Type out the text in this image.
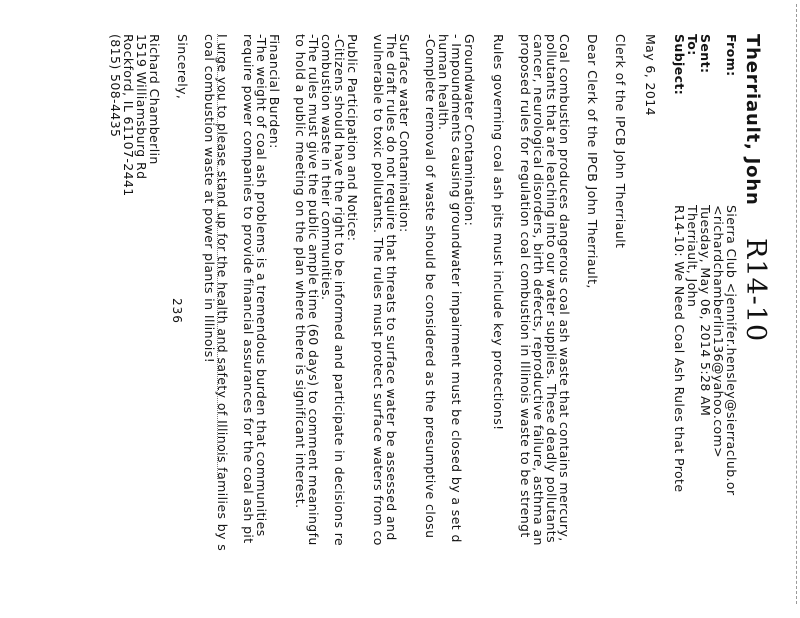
R14-10
Therriault, John
From:
Sierra Club <jennifer.hensley@sierraclub.or
<richardchamberlin136@yahoo.com>
Sent:
Tuesday, May 06, 2014 5:28 AM
To:
Therriault, John
Subject:
R14-10: We Need Coal Ash Rules that Prote
May 6, 2014
Clerk of the IPCB John Therriault
Dear Clerk of the IPCB John Therriault,
Coal combustion produces dangerous coal ash waste that contains mercury,
pollutants that are leaching into our water supplies. These deadly pollutants
cancer, neurological disorders, birth defects, reproductive failure, asthma an
proposed rules for regulation coal combustion in Illinois waste to be strengt
Rules governing coal ash pits must include key protections!
Groundwater Contamination:
- Impoundments causing groundwater impairment must be closed by a set d
human health.
-Complete removal of waste should be considered as the presumptive closu
Surface water Contamination:
The draft rules do not require that threats to surface water be assessed and
vulnerable to toxic pollutants. The rules must protect surface waters from co
Public Participation and Notice:
-Citizens should have the right to be informed and participate in decisions re
combustion waste in their communities.
-The rules must give the public ample time (60 days) to comment meaningfu
to hold a public meeting on the plan where there is significant interest.
Financial Burden:
-The weight of coal ash problems is a tremendous burden that communities
require power companies to provide financial assurances for the coal ash pit
I urge you to please stand up for the health and safety of Illinois families by s
coal combustion waste at power plants in Illinois!
Sincerely,
Richard Chamberlin
1519 Williamsburg Rd
Rockford, IL 61107-2441
(815) 508-4435
236
